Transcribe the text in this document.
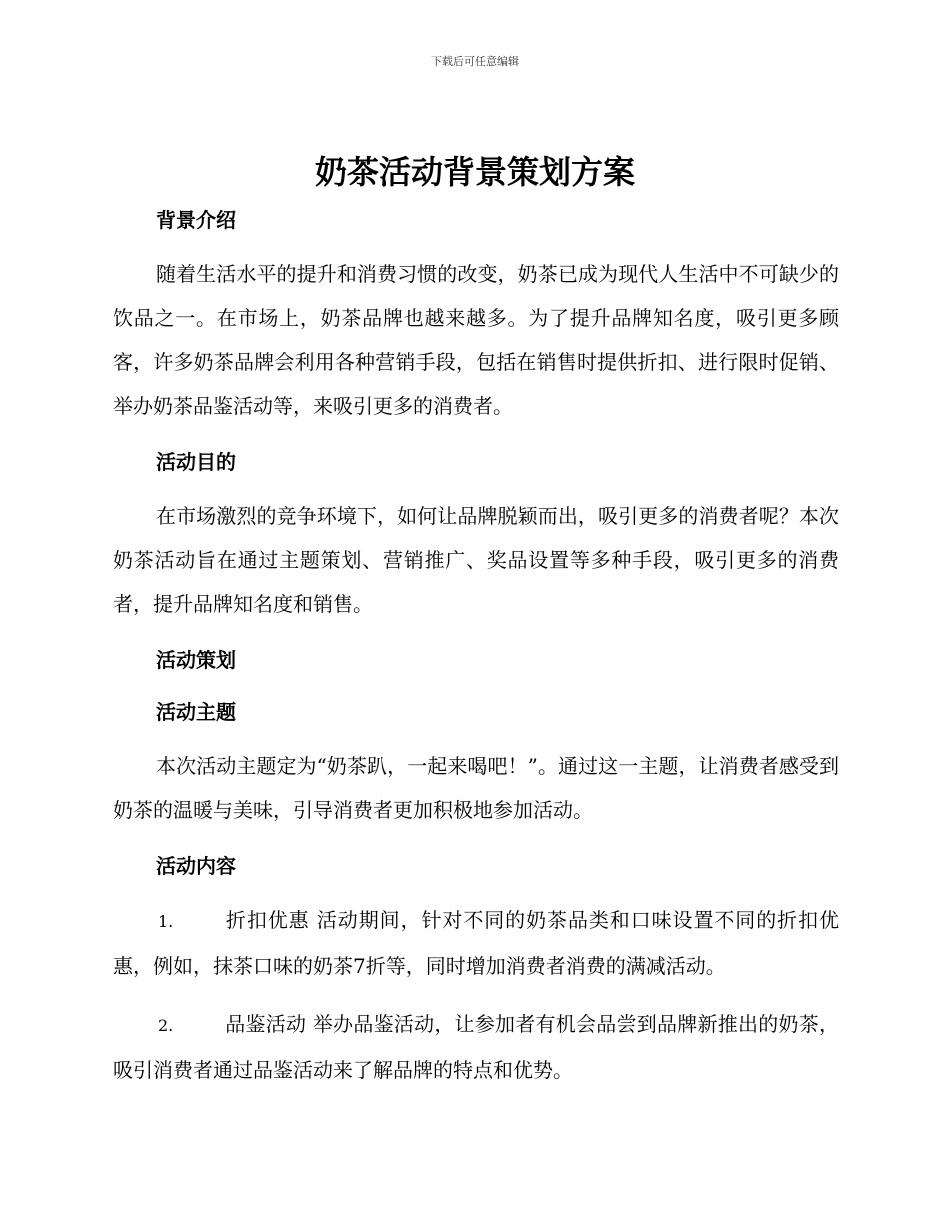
下载后可任意编辑
奶茶活动背景策划方案
背景介绍

随着生活水平的提升和消费习惯的改变，奶茶已成为现代人生活中不可缺少的饮品之一。在市场上，奶茶品牌也越来越多。为了提升品牌知名度，吸引更多顾客，许多奶茶品牌会利用各种营销手段，包括在销售时提供折扣、进行限时促销、举办奶茶品鉴活动等，来吸引更多的消费者。

活动目的

在市场激烈的竞争环境下，如何让品牌脱颖而出，吸引更多的消费者呢？本次奶茶活动旨在通过主题策划、营销推广、奖品设置等多种手段，吸引更多的消费者，提升品牌知名度和销售。

活动策划
活动主题

本次活动主题定为“奶茶趴，一起来喝吧！”。通过这一主题，让消费者感受到奶茶的温暖与美味，引导消费者更加积极地参加活动。

活动内容

1.	折扣优惠 活动期间，针对不同的奶茶品类和口味设置不同的折扣优惠，例如，抹茶口味的奶茶7折等，同时增加消费者消费的满减活动。

2.	品鉴活动 举办品鉴活动，让参加者有机会品尝到品牌新推出的奶茶，吸引消费者通过品鉴活动来了解品牌的特点和优势。
